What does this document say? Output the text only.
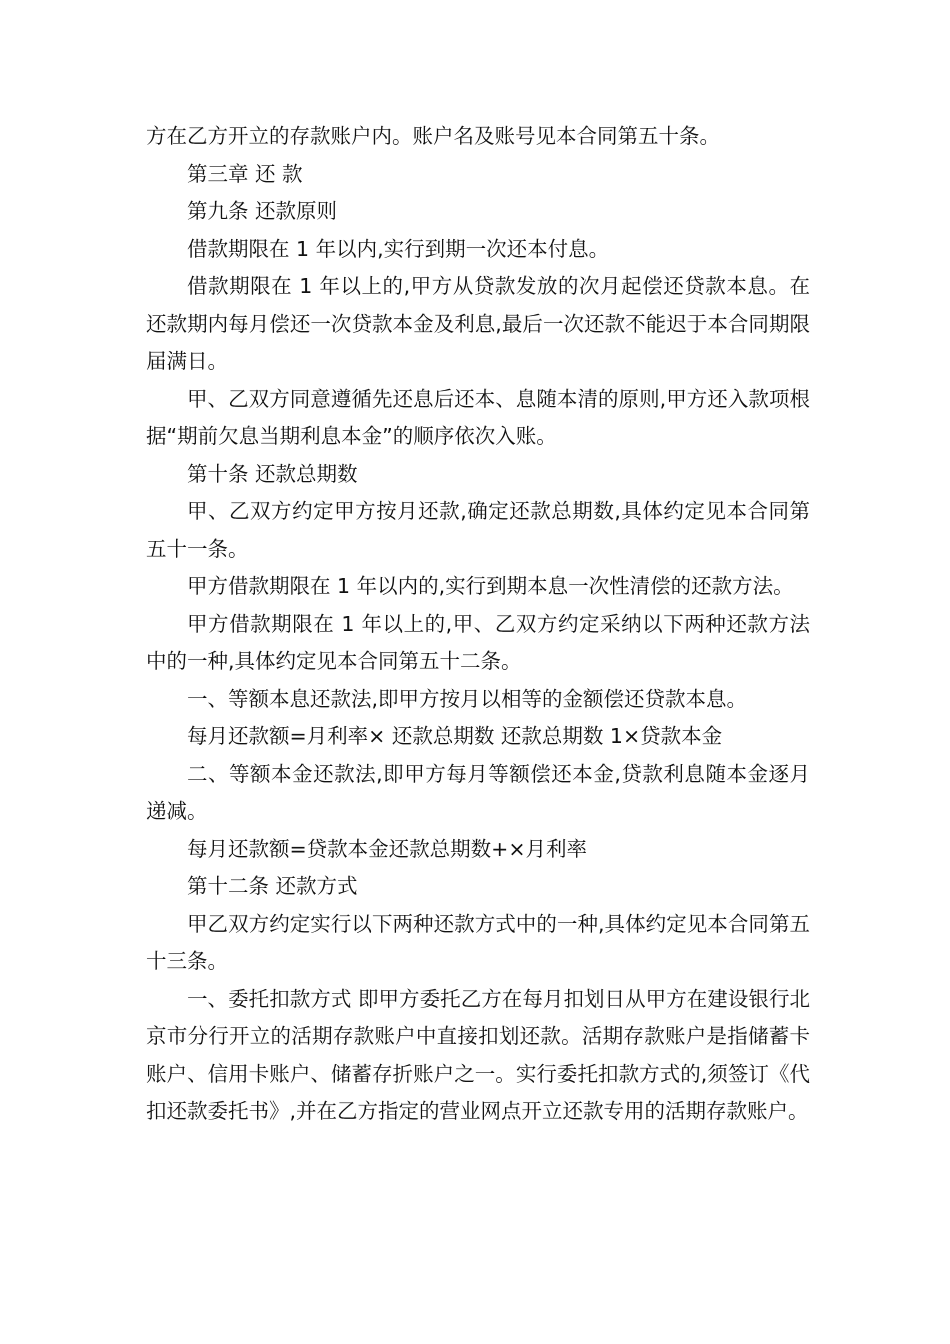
方在乙方开立的存款账户内。账户名及账号见本合同第五十条。

第三章 还 款

第九条 还款原则

借款期限在 1 年以内,实行到期一次还本付息。

借款期限在 1 年以上的,甲方从贷款发放的次月起偿还贷款本息。在还款期内每月偿还一次贷款本金及利息,最后一次还款不能迟于本合同期限届满日。

甲、乙双方同意遵循先还息后还本、息随本清的原则,甲方还入款项根据“期前欠息当期利息本金”的顺序依次入账。

第十条 还款总期数

甲、乙双方约定甲方按月还款,确定还款总期数,具体约定见本合同第五十一条。

甲方借款期限在 1 年以内的,实行到期本息一次性清偿的还款方法。

甲方借款期限在 1 年以上的,甲、乙双方约定采纳以下两种还款方法中的一种,具体约定见本合同第五十二条。

一、等额本息还款法,即甲方按月以相等的金额偿还贷款本息。

每月还款额=月利率× 还款总期数 还款总期数 1×贷款本金

二、等额本金还款法,即甲方每月等额偿还本金,贷款利息随本金逐月递减。

每月还款额=贷款本金还款总期数+×月利率

第十二条 还款方式

甲乙双方约定实行以下两种还款方式中的一种,具体约定见本合同第五十三条。

一、委托扣款方式 即甲方委托乙方在每月扣划日从甲方在建设银行北京市分行开立的活期存款账户中直接扣划还款。活期存款账户是指储蓄卡账户、信用卡账户、储蓄存折账户之一。实行委托扣款方式的,须签订《代扣还款委托书》,并在乙方指定的营业网点开立还款专用的活期存款账户。
